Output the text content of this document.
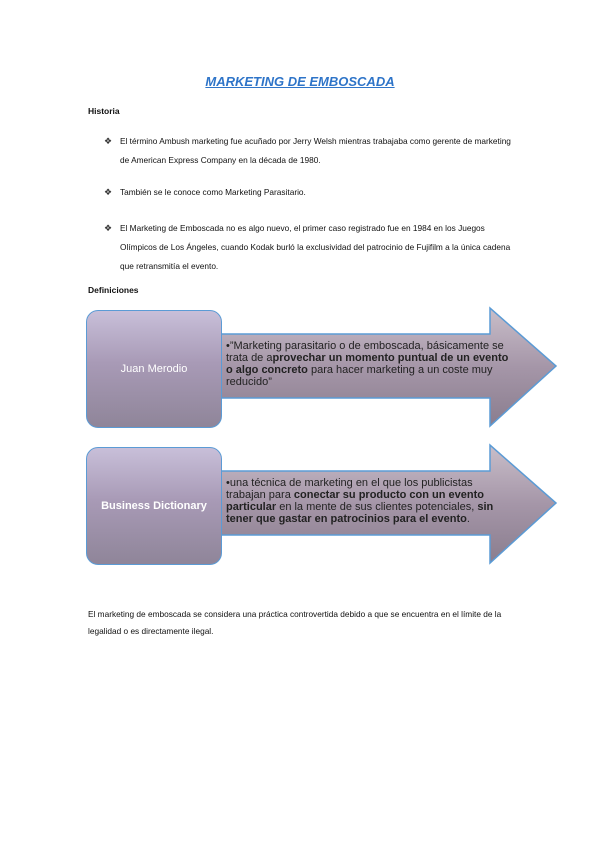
MARKETING DE EMBOSCADA
Historia
❖ El término Ambush marketing fue acuñado por Jerry Welsh mientras trabajaba como gerente de marketing de American Express Company en la década de 1980.
❖ También se le conoce como Marketing Parasitario.
❖ El Marketing de Emboscada no es algo nuevo, el primer caso registrado fue en 1984 en los Juegos Olímpicos de Los Ángeles, cuando Kodak burló la exclusividad del patrocinio de Fujifilm a la única cadena que retransmitía el evento.
Definiciones
Juan Merodio
•”Marketing parasitario o de emboscada, básicamente se trata de aprovechar un momento puntual de un evento o algo concreto para hacer marketing a un coste muy reducido”
Business Dictionary
•una técnica de marketing en el que los publicistas trabajan para conectar su producto con un evento particular en la mente de sus clientes potenciales, sin tener que gastar en patrocinios para el evento.
El marketing de emboscada se considera una práctica controvertida debido a que se encuentra en el límite de la legalidad o es directamente ilegal.
